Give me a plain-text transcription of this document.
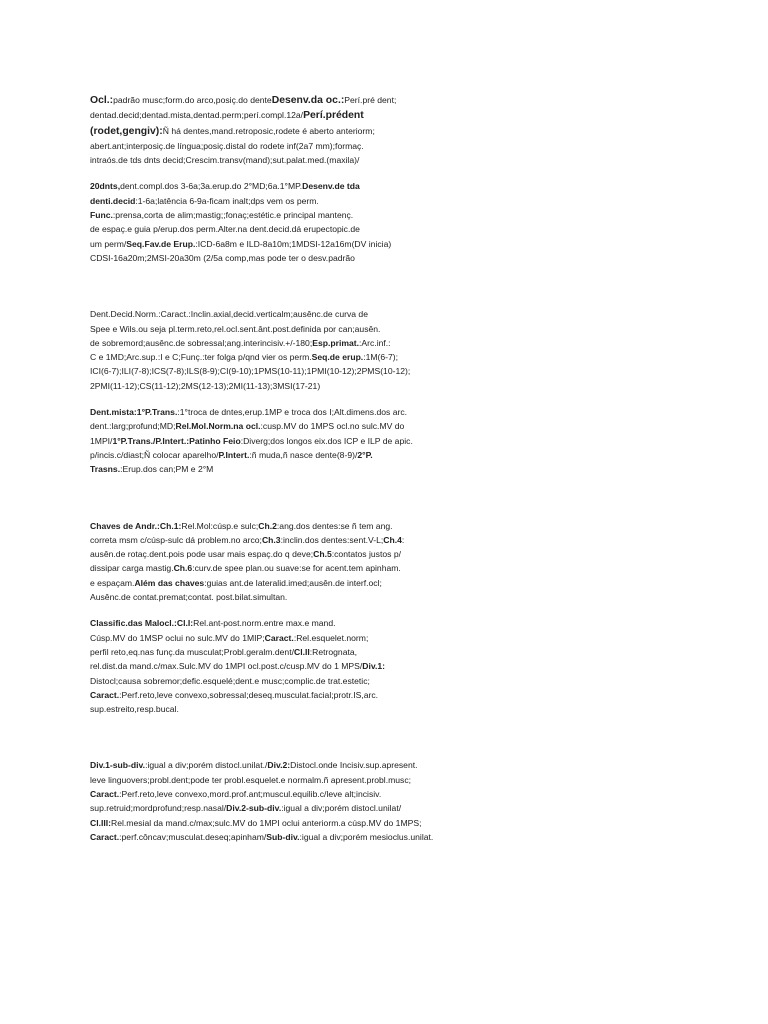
Ocl.:padrão musc;form.do arco,posiç.do denteDesenv.da oc.:Perí.pré dent;
dentad.decid;dentad.mista,dentad.perm;perí.compl.12a/Perí.prédent
(rodet,gengiv):Ñ há dentes,mand.retroposic,rodete é aberto anteriorm;
abert.ant;interposiç.de língua;posiç.distal do rodete inf(2a7 mm);formaç.
intraós.de tds dnts decid;Crescim.transv(mand);sut.palat.med.(maxila)/
20dnts,dent.compl.dos 3-6a;3a.erup.do 2°MD;6a.1°MP.Desenv.de tda
denti.decid:1-6a;latência 6-9a-ficam inalt;dps vem os perm.
Func.:prensa,corta de alim;mastig;;fonaç;estétic.e principal mantenç.
de espaç.e guia p/erup.dos perm.Alter.na dent.decid.dá erupectopic.de
um perm/Seq.Fav.de Erup.:ICD-6a8m e ILD-8a10m;1MDSI-12a16m(DV inicia)
CDSI-16a20m;2MSI-20a30m (2/5a comp,mas pode ter o desv.padrão
Dent.Decid.Norm.:Caract.:Inclin.axial,decid.verticalm;ausênc.de curva de
Spee e Wils.ou seja pl.term.reto,rel.ocl.sent.ânt.post.definida por can;ausên.
de sobremord;ausênc.de sobressal;ang.interincisiv.+/-180;Esp.primat.:Arc.inf.:
C e 1MD;Arc.sup.:I e C;Funç.:ter folga p/qnd vier os perm.Seq.de erup.:1M(6-7);
ICI(6-7);ILI(7-8);ICS(7-8);ILS(8-9);CI(9-10);1PMS(10-11);1PMI(10-12);2PMS(10-12);
2PMI(11-12);CS(11-12);2MS(12-13);2MI(11-13);3MSI(17-21)
Dent.mista:1°P.Trans.:1°troca de dntes,erup.1MP e troca dos I;Alt.dimens.dos arc.
dent.:larg;profund;MD;Rel.Mol.Norm.na ocl.:cusp.MV do 1MPS ocl.no sulc.MV do
1MPI/1°P.Trans./P.Intert.:Patinho Feio:Diverg;dos longos eix.dos ICP e ILP de apic.
p/incis.c/diast;Ñ colocar aparelho/P.Intert.:ñ muda,ñ nasce dente(8-9)/2°P.
Trasns.:Erup.dos can;PM e 2°M
Chaves de Andr.:Ch.1:Rel.Mol:cúsp.e sulc;Ch.2:ang.dos dentes:se ñ tem ang.
correta msm c/cúsp-sulc dá problem.no arco;Ch.3:inclin.dos dentes:sent.V-L;Ch.4:
ausên.de rotaç.dent.pois pode usar mais espaç.do q deve;Ch.5:contatos justos p/
dissipar carga mastig.Ch.6:curv.de spee plan.ou suave:se for acent.tem apinham.
e espaçam.Além das chaves:guias ant.de lateralid.imed;ausên.de interf.ocl;
Ausênc.de contat.premat;contat. post.bilat.simultan.
Classific.das Malocl.:Cl.I:Rel.ant-post.norm.entre max.e mand.
Cúsp.MV do 1MSP oclui no sulc.MV do 1MIP;Caract.:Rel.esquelet.norm;
perfil reto,eq.nas funç.da musculat;Probl.geralm.dent/Cl.II:Retrognata,
rel.dist.da mand.c/max.Sulc.MV do 1MPI ocl.post.c/cusp.MV do 1 MPS/Div.1:
Distocl;causa sobremor;defic.esquelé;dent.e musc;complic.de trat.estetic;
Caract.:Perf.reto,leve convexo,sobressal;deseq.musculat.facial;protr.IS,arc.
sup.estreito,resp.bucal.
Div.1-sub-div.:igual a div;porém distocl.unilat./Div.2:Distocl.onde Incisiv.sup.apresent.
leve linguovers;probl.dent;pode ter probl.esquelet.e normalm.ñ apresent.probl.musc;
Caract.:Perf.reto,leve convexo,mord.prof.ant;muscul.equilib.c/leve alt;incisiv.
sup.retruid;mordprofund;resp.nasal/Div.2-sub-div.:igual a div;porém distocl.unilat/
Cl.III:Rel.mesial da mand.c/max;sulc.MV do 1MPI oclui anteriorm.a cúsp.MV do 1MPS;
Caract.:perf.côncav;musculat.deseq;apinham/Sub-div.:igual a div;porém mesioclus.unilat.
